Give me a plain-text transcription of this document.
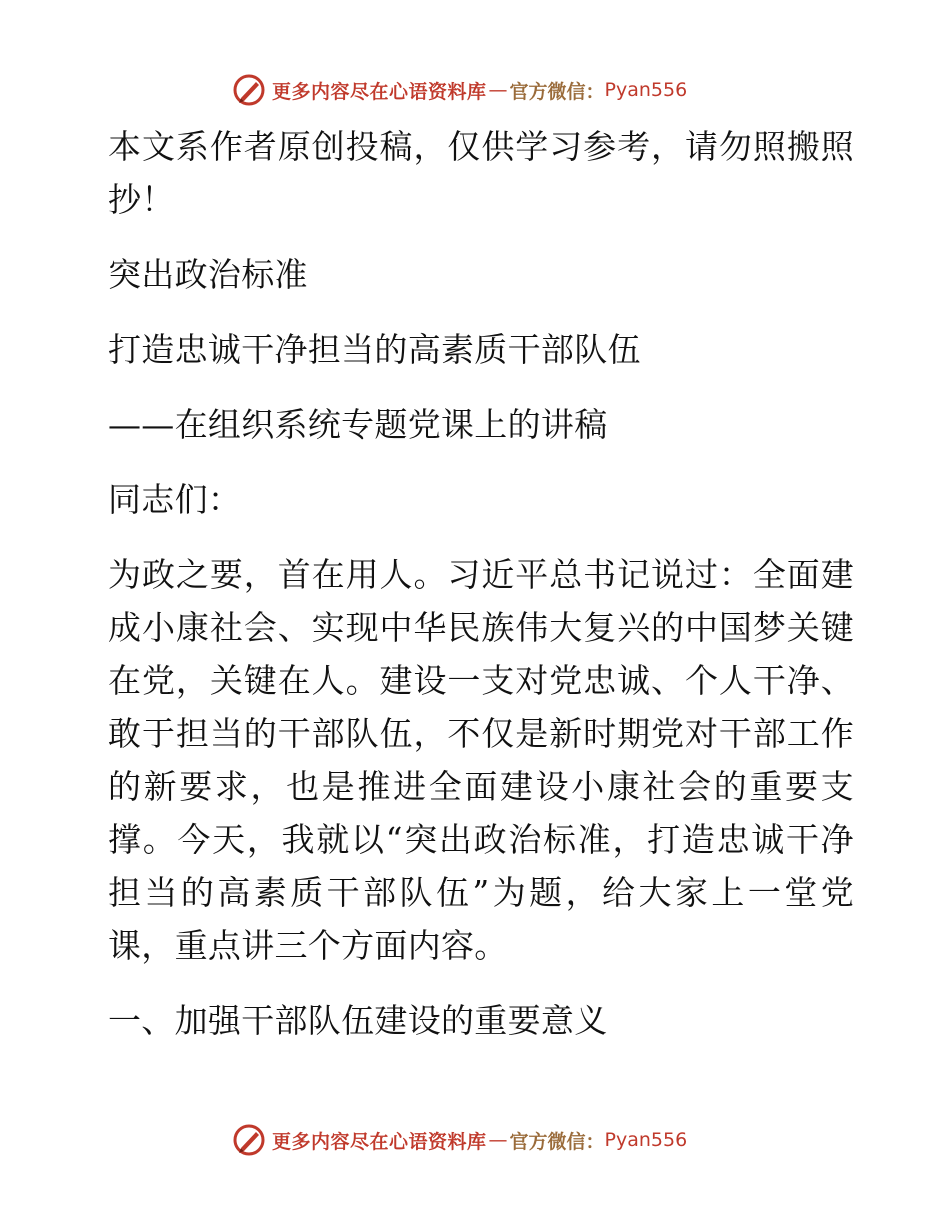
更多内容尽在心语资料库 — 官方微信： Pyan556

本文系作者原创投稿，仅供学习参考，请勿照搬照抄！

突出政治标准

打造忠诚干净担当的高素质干部队伍

——在组织系统专题党课上的讲稿

同志们：

为政之要，首在用人。习近平总书记说过：全面建成小康社会、实现中华民族伟大复兴的中国梦关键在党，关键在人。建设一支对党忠诚、个人干净、敢于担当的干部队伍，不仅是新时期党对干部工作的新要求，也是推进全面建设小康社会的重要支撑。今天，我就以“突出政治标准，打造忠诚干净担当的高素质干部队伍”为题，给大家上一堂党课，重点讲三个方面内容。

一、加强干部队伍建设的重要意义

更多内容尽在心语资料库 — 官方微信： Pyan556
